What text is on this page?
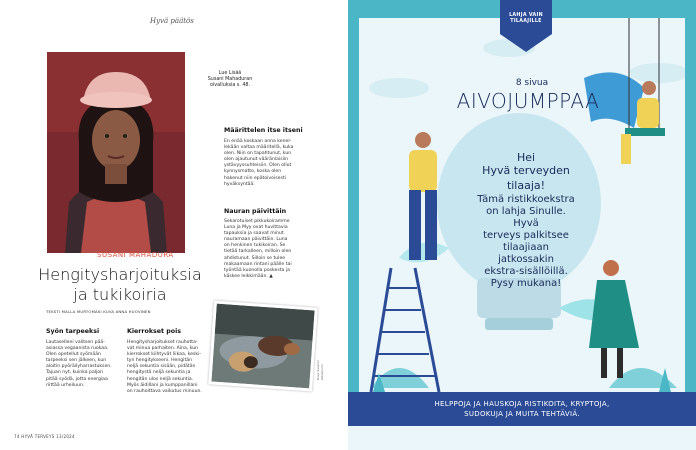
Hyvä päätös
Lue Lisää
Susani Mahaduran
oivalluksia s. 48.
SUSANI MAHADURA
Hengitysharjoituksia
ja tukikoiria
TEKSTI MALLA MURTOMÄKI KUVA ANNA HUOVINEN
Määrittelen itse itseni
En enää koskaan anna kenel-
lekään valtaa määritellä, kuka
olen. Niin on tapahtunut, kun
olen ajautunut vääränlaisiin
ystävyyssuhteisiin. Olen ollut
kynnysmatto, koska olen
hakenut niin epätoivoisesti
hyväksyntää.
Nauran päivittäin
Sekarotuiset pikkukoiramme
Luna ja Myy ovat huvittavia
tapauksia ja saavat minut
nauramaan päivittäin. Luna
on henkinen tukikoiran. Se
tietää tarkalleen, milloin olen
ahdistunut. Silloin se tulee
makaamaan rintani päälle tai
työntää kuonolla poskesta ja
käskee leikkimään. ▲
Syön tarpeeksi
Lautaselleni valitsen pää-
asiassa vegaanista ruokaa.
Olen opetellut syömään
tarpeeksi sen jälkeen, kun
aloitin pyöräilyharrastuksen.
Tajuan nyt, kuinka paljon
pitää syödä, jotta energiaa
riittää urheiluun.
Kierrokset pois
Hengitysharjoitukset rauhotta-
vat minua parhaiten. Aina, kun
kierrokset kiihtyvät liikaa, keski-
tyn hengitykseeni. Hengitän
neljä sekuntia sisään, pidätän
hengitystä neljä sekuntia ja
hengitän ulos neljä sekuntia.
Myös äidillani ja kumppanillani
on rauhoittava vaikutus minuun.
Kuva Susanin kotialbumi
74 HYVÄ TERVEYS 13/2024
LAHJA VAIN
TILAAJILLE
8 sivua
AIVOJUMPPAA
Hei
Hyvä terveyden
tilaaja!
Tämä ristikkoekstra
on lahja Sinulle. Hyvä
terveys palkitsee
tilaajiaan jatkossakin
ekstra-sisällöillä.
Pysy mukana!
HELPPOJA JA HAUSKOJA RISTIKOITA, KRYPTOJA,
SUDOKUJA JA MUITA TEHTÄVIÄ.
